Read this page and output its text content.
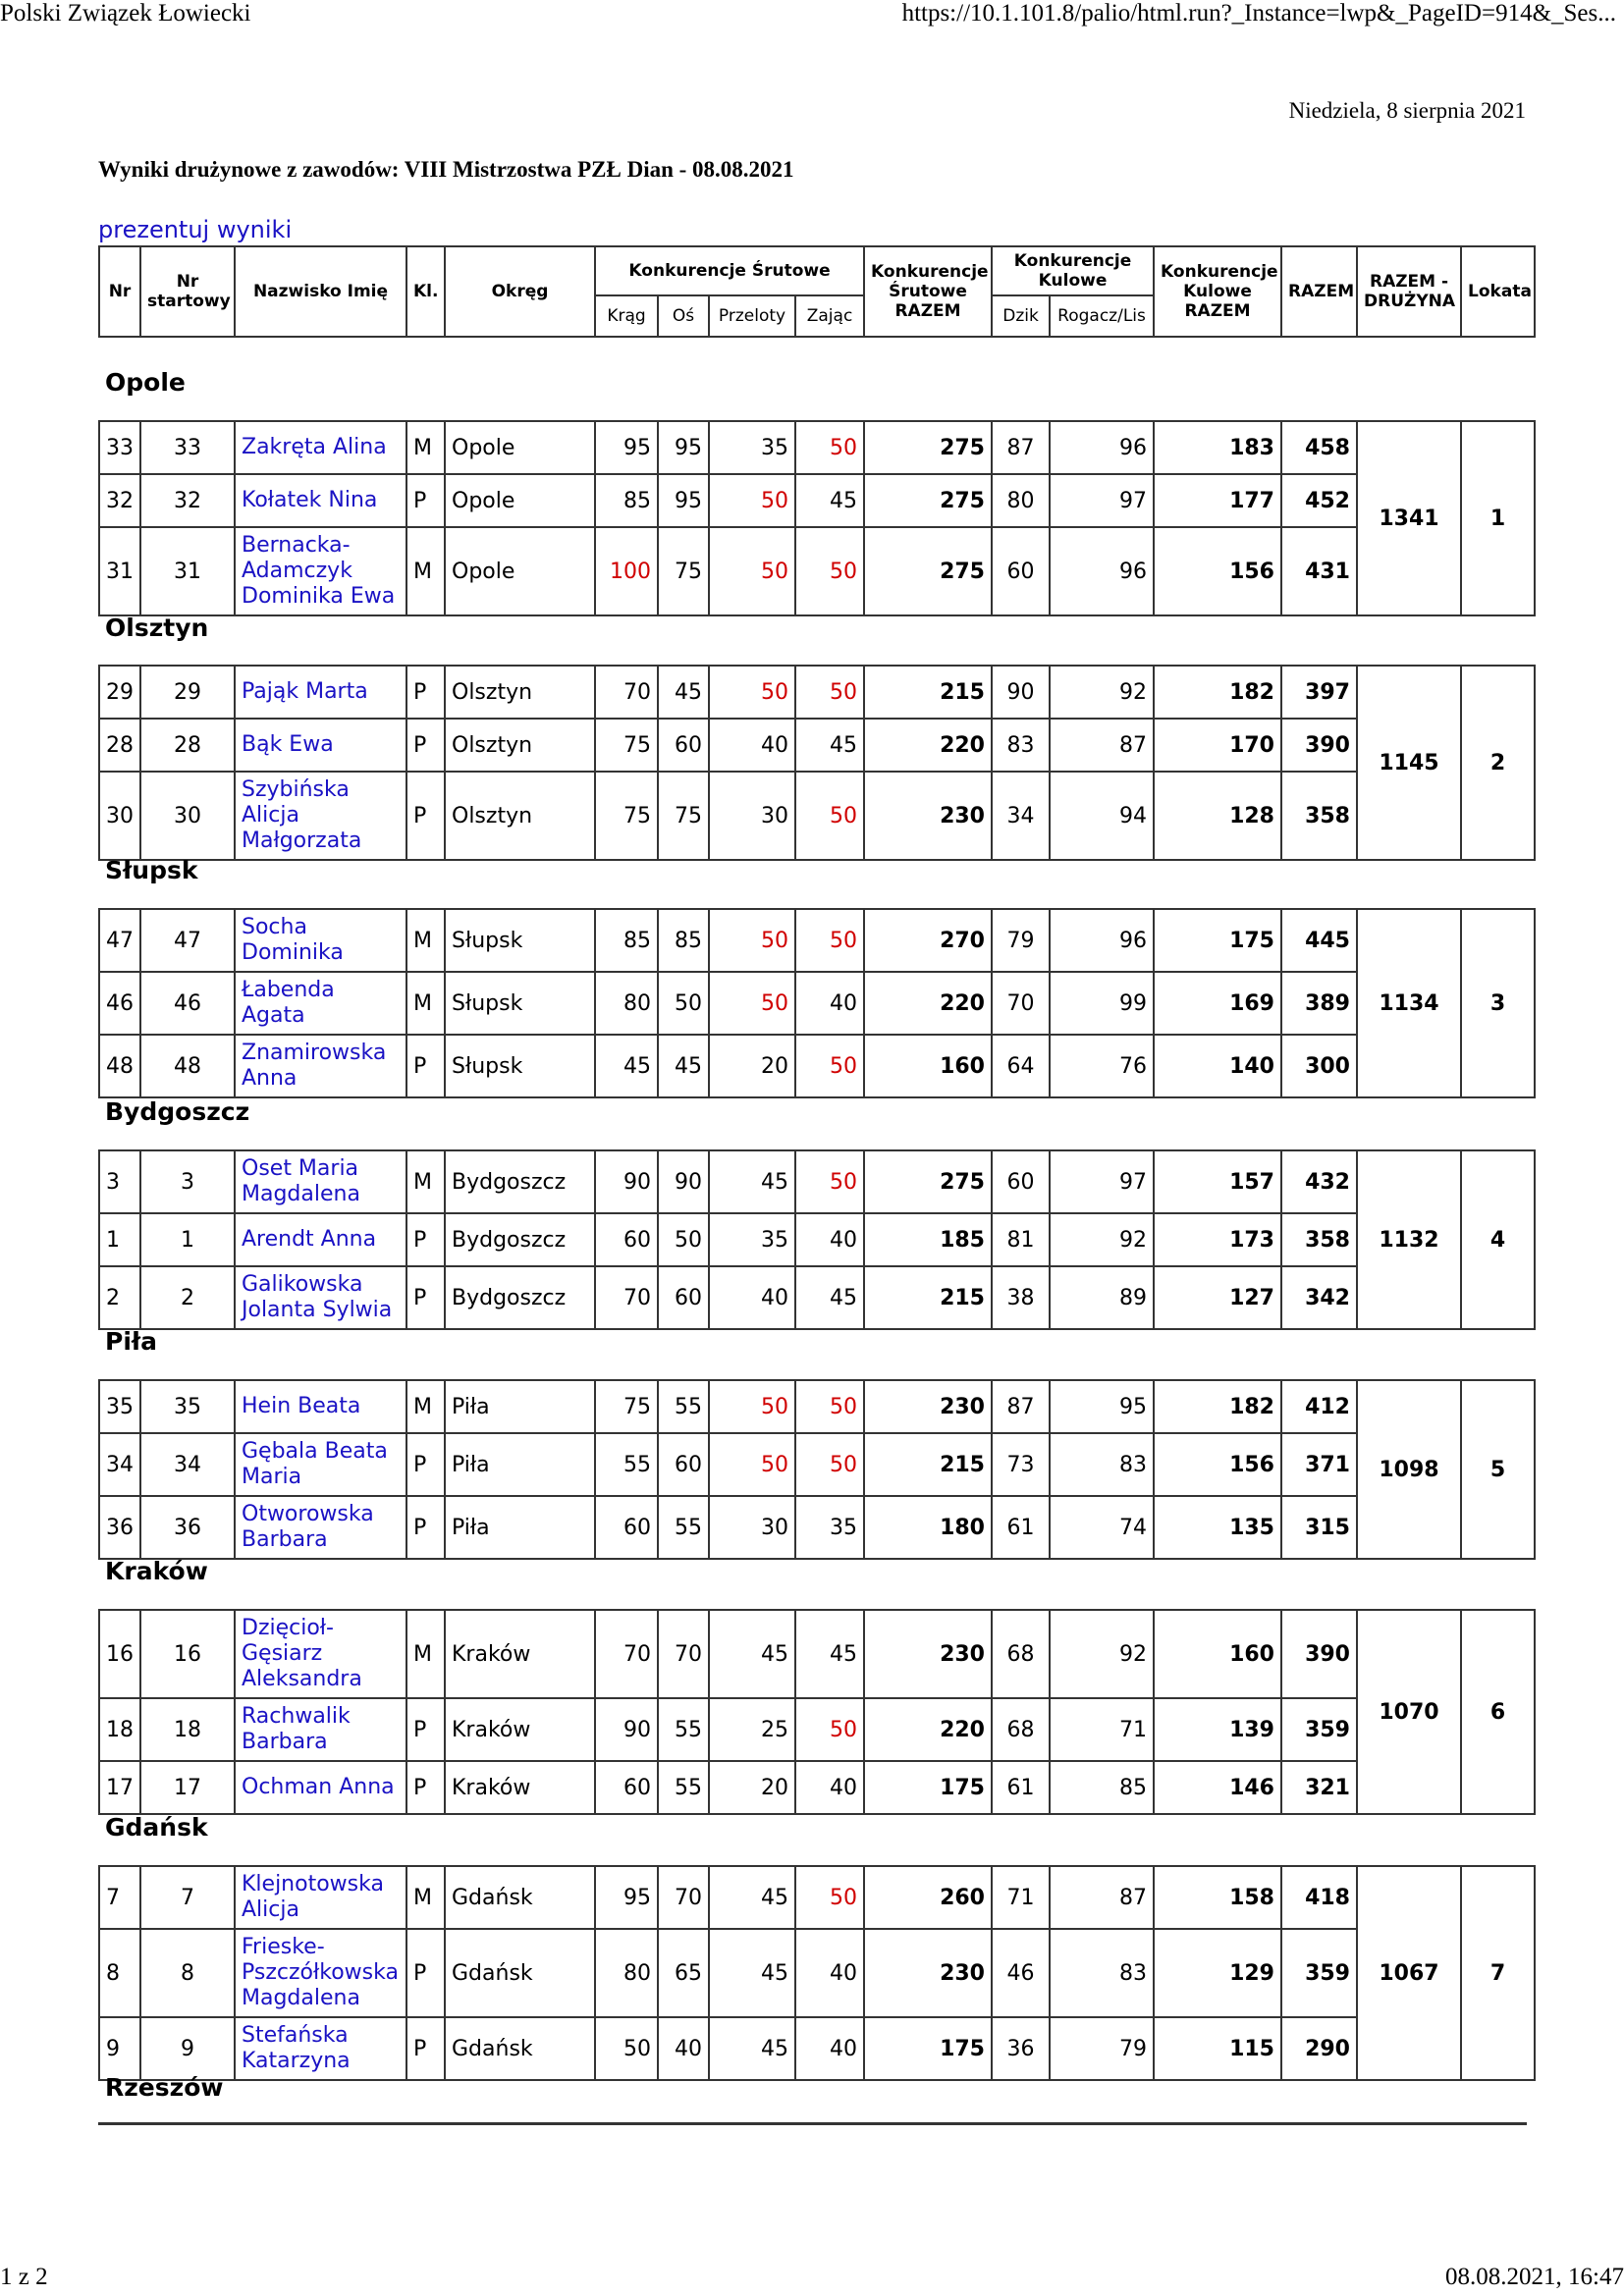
Polski Związek Łowiecki	https://10.1.101.8/palio/html.run?_Instance=lwp&_PageID=914&_Ses...
Niedziela, 8 sierpnia 2021
Wyniki drużynowe z zawodów: VIII Mistrzostwa PZŁ Dian - 08.08.2021
prezentuj wyniki
Nr	Nr startowy	Nazwisko Imię	Kl.	Okręg	Konkurencje Śrutowe				Konkurencje
Śrutowe
RAZEM	Konkurencje Kulowe		Konkurencje
Kulowe
RAZEM	RAZEM	RAZEM - DRUŻYNA	Lokata
					Krąg	Oś	Przeloty	Zając		Dzik	Rogacz/Lis				
Opole
33	33	Zakręta Alina	M	Opole	95	95	35	50	275	87	96	183	458	1341	1
32	32	Kołatek Nina	P	Opole	85	95	50	45	275	80	97	177	452		
31	31	Bernacka-Adamczyk Dominika Ewa	M	Opole	100	75	50	50	275	60	96	156	431		
Olsztyn
29	29	Pająk Marta	P	Olsztyn	70	45	50	50	215	90	92	182	397	1145	2
28	28	Bąk Ewa	P	Olsztyn	75	60	40	45	220	83	87	170	390		
30	30	Szybińska Alicja Małgorzata	P	Olsztyn	75	75	30	50	230	34	94	128	358		
Słupsk
47	47	Socha Dominika	M	Słupsk	85	85	50	50	270	79	96	175	445	1134	3
46	46	Łabenda Agata	M	Słupsk	80	50	50	40	220	70	99	169	389		
48	48	Znamirowska Anna	P	Słupsk	45	45	20	50	160	64	76	140	300		
Bydgoszcz
3	3	Oset Maria Magdalena	M	Bydgoszcz	90	90	45	50	275	60	97	157	432	1132	4
1	1	Arendt Anna	P	Bydgoszcz	60	50	35	40	185	81	92	173	358		
2	2	Galikowska Jolanta Sylwia	P	Bydgoszcz	70	60	40	45	215	38	89	127	342		
Piła
35	35	Hein Beata	M	Piła	75	55	50	50	230	87	95	182	412	1098	5
34	34	Gębala Beata Maria	P	Piła	55	60	50	50	215	73	83	156	371		
36	36	Otworowska Barbara	P	Piła	60	55	30	35	180	61	74	135	315		
Kraków
16	16	Dzięcioł-Gęsiarz Aleksandra	M	Kraków	70	70	45	45	230	68	92	160	390	1070	6
18	18	Rachwalik Barbara	P	Kraków	90	55	25	50	220	68	71	139	359		
17	17	Ochman Anna	P	Kraków	60	55	20	40	175	61	85	146	321		
Gdańsk
7	7	Klejnotowska Alicja	M	Gdańsk	95	70	45	50	260	71	87	158	418	1067	7
8	8	Frieske-Pszczółkowska Magdalena	P	Gdańsk	80	65	45	40	230	46	83	129	359		
9	9	Stefańska Katarzyna	P	Gdańsk	50	40	45	40	175	36	79	115	290		
Rzeszów
1 z 2	08.08.2021, 16:47
